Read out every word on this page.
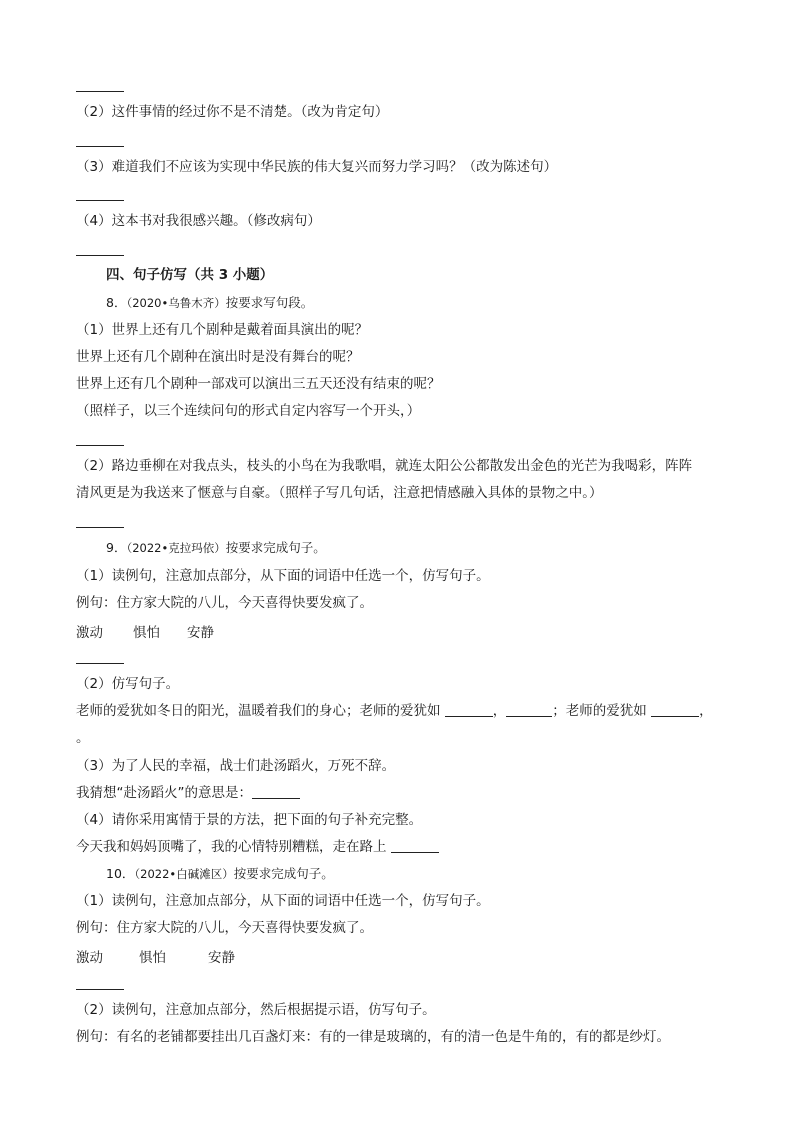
（2）这件事情的经过你不是不清楚。（改为肯定句）
（3）难道我们不应该为实现中华民族的伟大复兴而努力学习吗？（改为陈述句）
（4）这本书对我很感兴趣。（修改病句）
四、句子仿写（共 3 小题）
8．（2020•乌鲁木齐）按要求写句段。
（1）世界上还有几个剧种是戴着面具演出的呢？
世界上还有几个剧种在演出时是没有舞台的呢？
世界上还有几个剧种一部戏可以演出三五天还没有结束的呢？
（照样子，以三个连续问句的形式自定内容写一个开头，）
（2）路边垂柳在对我点头，枝头的小鸟在为我歌唱，就连太阳公公都散发出金色的光芒为我喝彩，阵阵
清风更是为我送来了惬意与自豪。（照样子写几句话，注意把情感融入具体的景物之中。）
9．（2022•克拉玛依）按要求完成句子。
（1）读例句，注意加点部分，从下面的词语中任选一个，仿写句子。
例句：住方家大院的八儿，今天喜得快要发疯了。
激动 惧怕 安静
（2）仿写句子。
老师的爱犹如冬日的阳光，温暖着我们的身心；老师的爱犹如	，	；老师的爱犹如	，
。
（3）为了人民的幸福，战士们赴汤蹈火，万死不辞。
我猜想“赴汤蹈火”的意思是：
（4）请你采用寓情于景的方法，把下面的句子补充完整。
今天我和妈妈顶嘴了，我的心情特别糟糕，走在路上
10．（2022•白碱滩区）按要求完成句子。
（1）读例句，注意加点部分，从下面的词语中任选一个，仿写句子。
例句：住方家大院的八儿，今天喜得快要发疯了。
激动	惧怕	安静
（2）读例句，注意加点部分，然后根据提示语，仿写句子。
例句：有名的老铺都要挂出几百盏灯来：有的一律是玻璃的，有的清一色是牛角的，有的都是纱灯。
